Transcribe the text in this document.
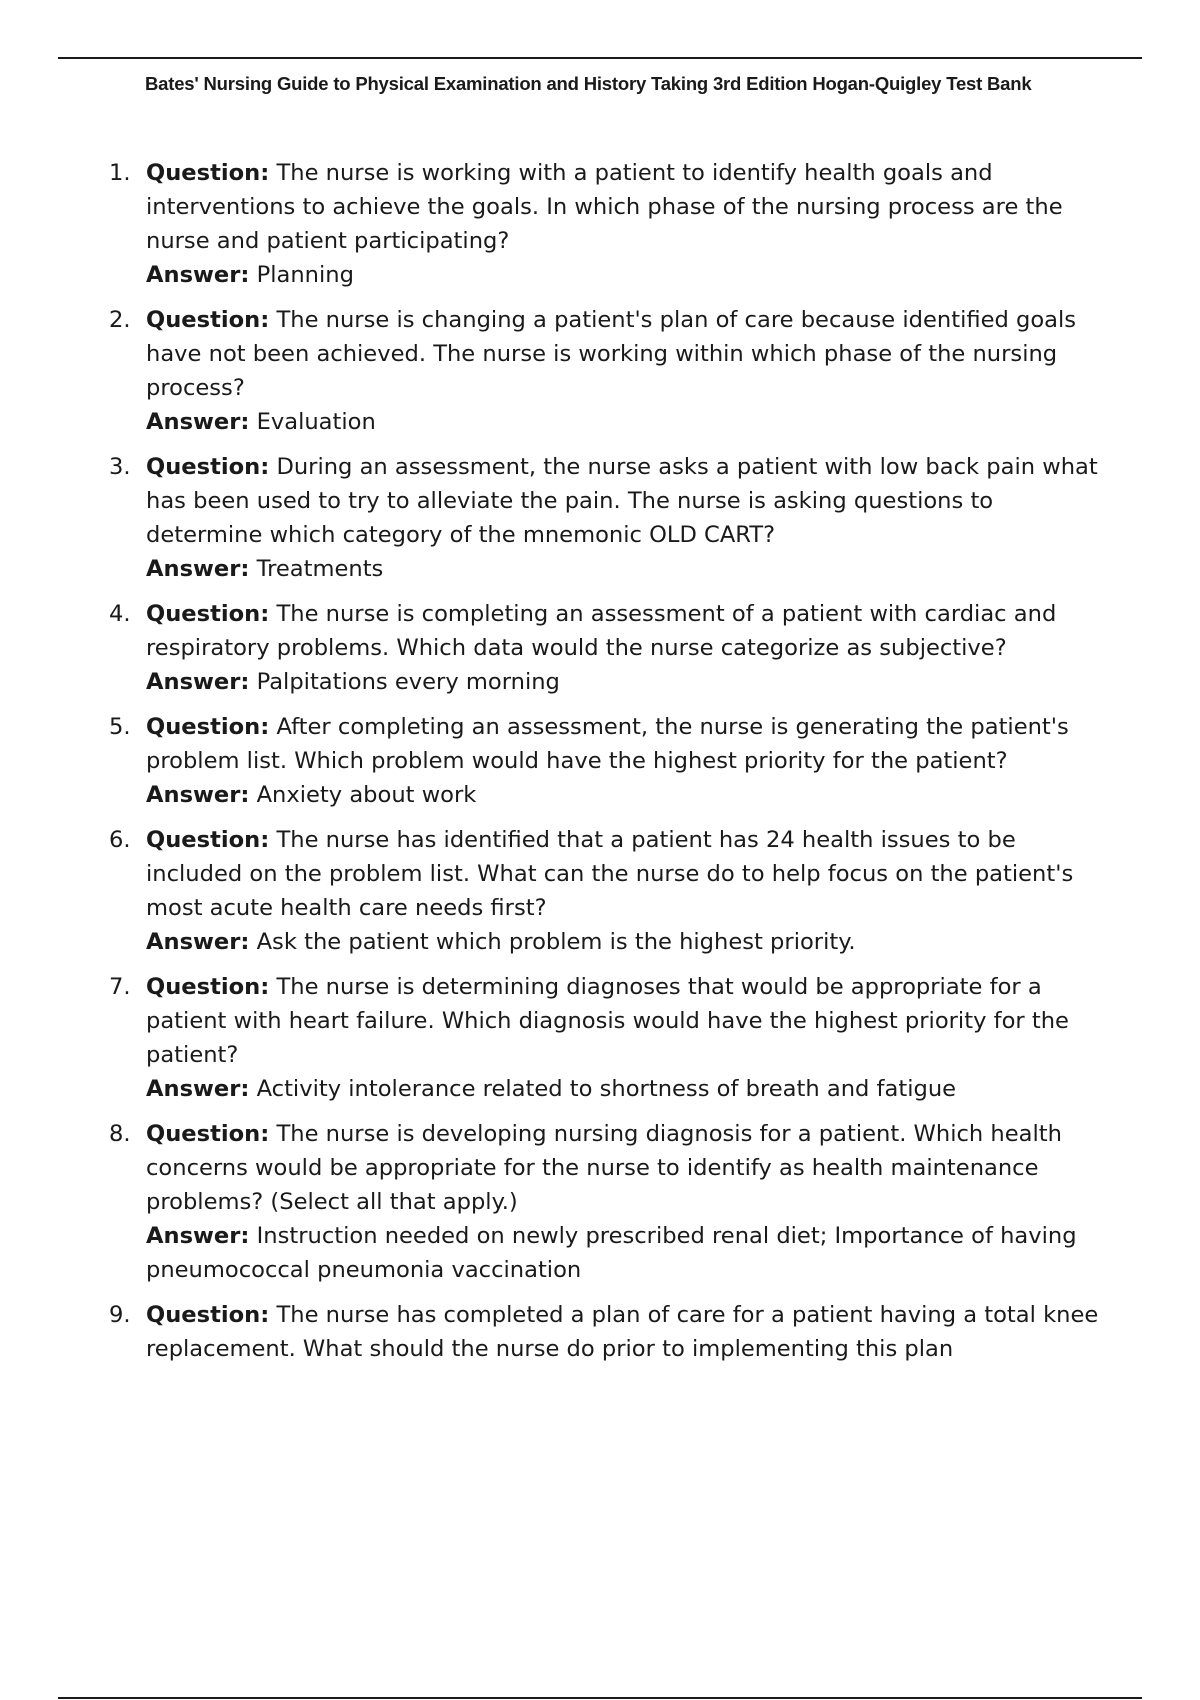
Bates' Nursing Guide to Physical Examination and History Taking 3rd Edition Hogan-Quigley Test Bank
1. Question: The nurse is working with a patient to identify health goals and interventions to achieve the goals. In which phase of the nursing process are the nurse and patient participating?

Answer: Planning

2. Question: The nurse is changing a patient's plan of care because identified goals have not been achieved. The nurse is working within which phase of the nursing process?

Answer: Evaluation

3. Question: During an assessment, the nurse asks a patient with low back pain what has been used to try to alleviate the pain. The nurse is asking questions to determine which category of the mnemonic OLD CART?

Answer: Treatments

4. Question: The nurse is completing an assessment of a patient with cardiac and respiratory problems. Which data would the nurse categorize as subjective?

Answer: Palpitations every morning

5. Question: After completing an assessment, the nurse is generating the patient's problem list. Which problem would have the highest priority for the patient?

Answer: Anxiety about work

6. Question: The nurse has identified that a patient has 24 health issues to be included on the problem list. What can the nurse do to help focus on the patient's most acute health care needs first?

Answer: Ask the patient which problem is the highest priority.

7. Question: The nurse is determining diagnoses that would be appropriate for a patient with heart failure. Which diagnosis would have the highest priority for the patient?

Answer: Activity intolerance related to shortness of breath and fatigue

8. Question: The nurse is developing nursing diagnosis for a patient. Which health concerns would be appropriate for the nurse to identify as health maintenance problems? (Select all that apply.)

Answer: Instruction needed on newly prescribed renal diet; Importance of having pneumococcal pneumonia vaccination

9. Question: The nurse has completed a plan of care for a patient having a total knee replacement. What should the nurse do prior to implementing this plan
